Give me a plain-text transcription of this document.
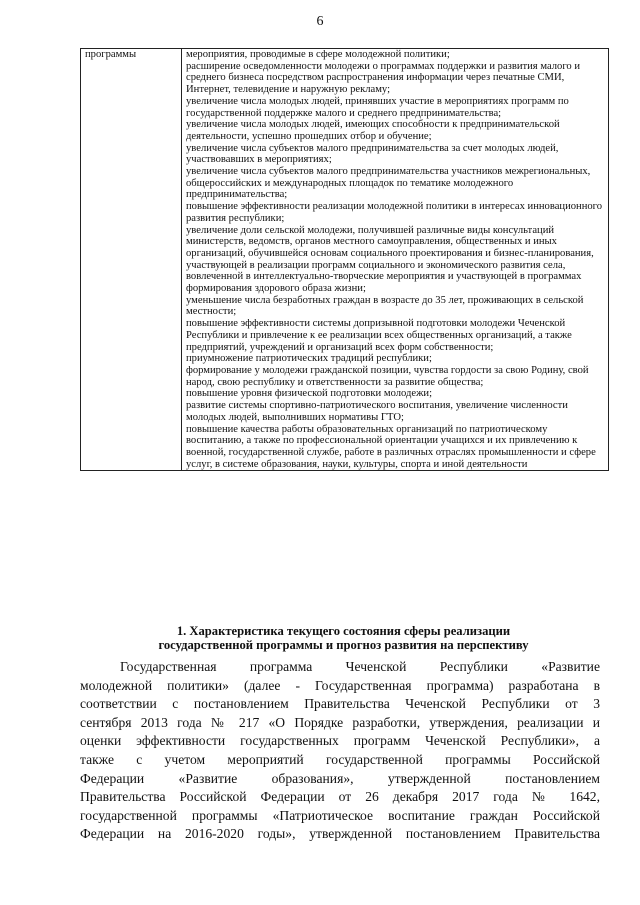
6
программы	мероприятия, проводимые в сфере молодежной политики;
расширение осведомленности молодежи о программах поддержки и развития малого и среднего бизнеса посредством распространения информации через печатные СМИ, Интернет, телевидение и наружную рекламу;
увеличение числа молодых людей, принявших участие в мероприятиях программ по государственной поддержке малого и среднего предпринимательства;
увеличение числа молодых людей, имеющих способности к предпринимательской деятельности, успешно прошедших отбор и обучение;
увеличение числа субъектов малого предпринимательства за счет молодых людей, участвовавших в мероприятиях;
увеличение числа субъектов малого предпринимательства участников межрегиональных, общероссийских и международных площадок по тематике молодежного предпринимательства;
повышение эффективности реализации молодежной политики в интересах инновационного развития республики;
увеличение доли сельской молодежи, получившей различные виды консультаций министерств, ведомств, органов местного самоуправления, общественных и иных организаций, обучившейся основам социального проектирования и бизнес-планирования, участвующей в реализации программ социального и экономического развития села, вовлеченной в интеллектуально-творческие мероприятия и участвующей в программах формирования здорового образа жизни;
уменьшение числа безработных граждан в возрасте до 35 лет, проживающих в сельской местности;
повышение эффективности системы допризывной подготовки молодежи Чеченской Республики и привлечение к ее реализации всех общественных организаций, а также предприятий, учреждений и организаций всех форм собственности;
приумножение патриотических традиций республики;
формирование у молодежи гражданской позиции, чувства гордости за свою Родину, свой народ, свою республику и ответственности за развитие общества;
повышение уровня физической подготовки молодежи;
развитие системы спортивно-патриотического воспитания, увеличение численности молодых людей, выполнивших нормативы ГТО;
повышение качества работы образовательных организаций по патриотическому воспитанию, а также по профессиональной ориентации учащихся и их привлечению к военной, государственной службе, работе в различных отраслях промышленности и сфере услуг, в системе образования, науки, культуры, спорта и иной деятельности
1. Характеристика текущего состояния сферы реализации
государственной программы и прогноз развития на перспективу
Государственная программа Чеченской Республики «Развитие
молодежной политики» (далее - Государственная программа) разработана в
соответствии с постановлением Правительства Чеченской Республики от 3
сентября 2013 года № 217 «О Порядке разработки, утверждения, реализации и
оценки эффективности государственных программ Чеченской Республики», а
также с учетом мероприятий государственной программы Российской
Федерации «Развитие образования», утвержденной постановлением
Правительства Российской Федерации от 26 декабря 2017 года № 1642,
государственной программы «Патриотическое воспитание граждан Российской
Федерации на 2016-2020 годы», утвержденной постановлением Правительства
